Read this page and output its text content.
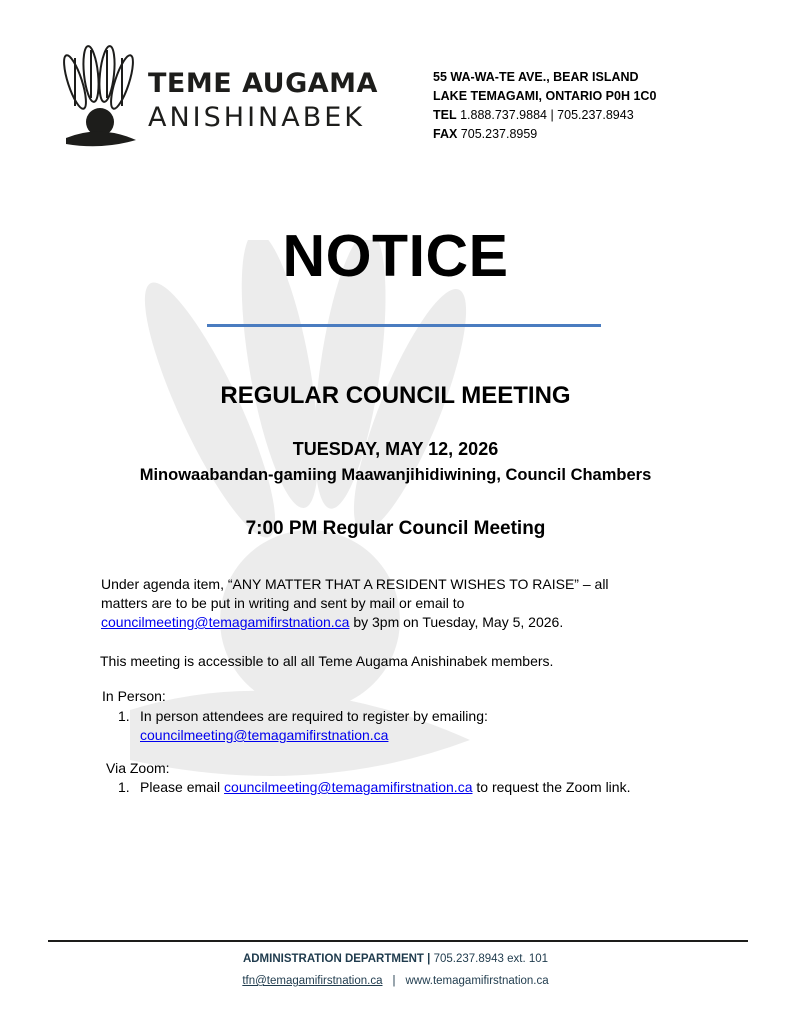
TEME AUGAMA
ANISHINABEK
55 WA-WA-TE AVE., BEAR ISLAND
LAKE TEMAGAMI, ONTARIO P0H 1C0
TEL 1.888.737.9884 | 705.237.8943
FAX 705.237.8959
NOTICE
REGULAR COUNCIL MEETING
TUESDAY, MAY 12, 2026
Minowaabandan-gamiing Maawanjihidiwining, Council Chambers
7:00 PM Regular Council Meeting
Under agenda item, “ANY MATTER THAT A RESIDENT WISHES TO RAISE” – all
matters are to be put in writing and sent by mail or email to
councilmeeting@temagamifirstnation.ca by 3pm on Tuesday, May 5, 2026.
This meeting is accessible to all all Teme Augama Anishinabek members.
In Person:
1. In person attendees are required to register by emailing:
councilmeeting@temagamifirstnation.ca
Via Zoom:
1. Please email councilmeeting@temagamifirstnation.ca to request the Zoom link.
ADMINISTRATION DEPARTMENT | 705.237.8943 ext. 101
tfn@temagamifirstnation.ca | www.temagamifirstnation.ca
